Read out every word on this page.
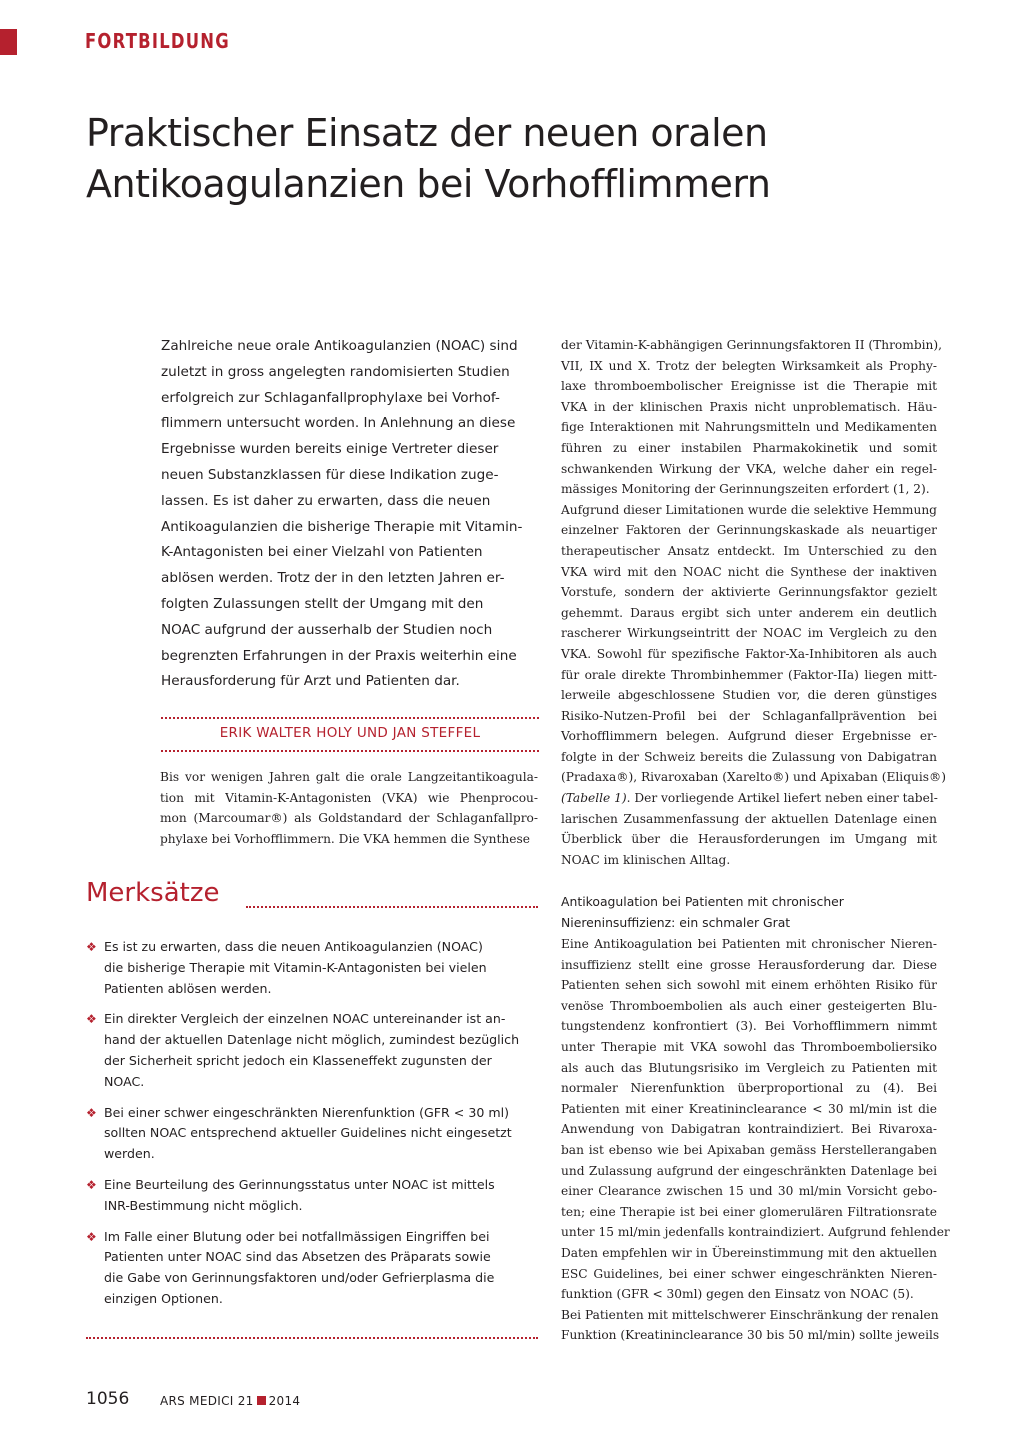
FORTBILDUNG
Praktischer Einsatz der neuen oralen
Antikoagulanzien bei Vorhofflimmern
Zahlreiche neue orale Antikoagulanzien (NOAC) sind
zuletzt in gross angelegten randomisierten Studien
erfolgreich zur Schlaganfallprophylaxe bei Vorhof-
flimmern untersucht worden. In Anlehnung an diese
Ergebnisse wurden bereits einige Vertreter dieser
neuen Substanzklassen für diese Indikation zuge-
lassen. Es ist daher zu erwarten, dass die neuen
Antikoagulanzien die bisherige Therapie mit Vitamin-
K-Antagonisten bei einer Vielzahl von Patienten
ablösen werden. Trotz der in den letzten Jahren er-
folgten Zulassungen stellt der Umgang mit den
NOAC aufgrund der ausserhalb der Studien noch
begrenzten Erfahrungen in der Praxis weiterhin eine
Herausforderung für Arzt und Patienten dar.
ERIK WALTER HOLY UND JAN STEFFEL
Bis vor wenigen Jahren galt die orale Langzeitantikoagula-
tion mit Vitamin-K-Antagonisten (VKA) wie Phenprocou-
mon (Marcoumar®) als Goldstandard der Schlaganfallpro-
phylaxe bei Vorhofflimmern. Die VKA hemmen die Synthese
Merksätze
❖ Es ist zu erwarten, dass die neuen Antikoagulanzien (NOAC)
die bisherige Therapie mit Vitamin-K-Antagonisten bei vielen
Patienten ablösen werden.
❖ Ein direkter Vergleich der einzelnen NOAC untereinander ist an-
hand der aktuellen Datenlage nicht möglich, zumindest bezüglich
der Sicherheit spricht jedoch ein Klasseneffekt zugunsten der
NOAC.
❖ Bei einer schwer eingeschränkten Nierenfunktion (GFR < 30 ml)
sollten NOAC entsprechend aktueller Guidelines nicht eingesetzt
werden.
❖ Eine Beurteilung des Gerinnungsstatus unter NOAC ist mittels
INR-Bestimmung nicht möglich.
❖ Im Falle einer Blutung oder bei notfallmässigen Eingriffen bei
Patienten unter NOAC sind das Absetzen des Präparats sowie
die Gabe von Gerinnungsfaktoren und/oder Gefrierplasma die
einzigen Optionen.
der Vitamin-K-abhängigen Gerinnungsfaktoren II (Thrombin),
VII, IX und X. Trotz der belegten Wirksamkeit als Prophy-
laxe thromboembolischer Ereignisse ist die Therapie mit
VKA in der klinischen Praxis nicht unproblematisch. Häu-
fige Interaktionen mit Nahrungsmitteln und Medikamenten
führen zu einer instabilen Pharmakokinetik und somit
schwankenden Wirkung der VKA, welche daher ein regel-
mässiges Monitoring der Gerinnungszeiten erfordert (1, 2).
Aufgrund dieser Limitationen wurde die selektive Hemmung
einzelner Faktoren der Gerinnungskaskade als neuartiger
therapeutischer Ansatz entdeckt. Im Unterschied zu den
VKA wird mit den NOAC nicht die Synthese der inaktiven
Vorstufe, sondern der aktivierte Gerinnungsfaktor gezielt
gehemmt. Daraus ergibt sich unter anderem ein deutlich
rascherer Wirkungseintritt der NOAC im Vergleich zu den
VKA. Sowohl für spezifische Faktor-Xa-Inhibitoren als auch
für orale direkte Thrombinhemmer (Faktor-IIa) liegen mitt-
lerweile abgeschlossene Studien vor, die deren günstiges
Risiko-Nutzen-Profil bei der Schlaganfallprävention bei
Vorhofflimmern belegen. Aufgrund dieser Ergebnisse er-
folgte in der Schweiz bereits die Zulassung von Dabigatran
(Pradaxa®), Rivaroxaban (Xarelto®) und Apixaban (Eliquis®)
(Tabelle 1). Der vorliegende Artikel liefert neben einer tabel-
larischen Zusammenfassung der aktuellen Datenlage einen
Überblick über die Herausforderungen im Umgang mit
NOAC im klinischen Alltag.
Antikoagulation bei Patienten mit chronischer
Niereninsuffizienz: ein schmaler Grat
Eine Antikoagulation bei Patienten mit chronischer Nieren-
insuffizienz stellt eine grosse Herausforderung dar. Diese
Patienten sehen sich sowohl mit einem erhöhten Risiko für
venöse Thromboembolien als auch einer gesteigerten Blu-
tungstendenz konfrontiert (3). Bei Vorhofflimmern nimmt
unter Therapie mit VKA sowohl das Thromboemboliersiko
als auch das Blutungsrisiko im Vergleich zu Patienten mit
normaler Nierenfunktion überproportional zu (4). Bei
Patienten mit einer Kreatininclearance < 30 ml/min ist die
Anwendung von Dabigatran kontraindiziert. Bei Rivaroxa-
ban ist ebenso wie bei Apixaban gemäss Herstellerangaben
und Zulassung aufgrund der eingeschränkten Datenlage bei
einer Clearance zwischen 15 und 30 ml/min Vorsicht gebo-
ten; eine Therapie ist bei einer glomerulären Filtrationsrate
unter 15 ml/min jedenfalls kontraindiziert. Aufgrund fehlender
Daten empfehlen wir in Übereinstimmung mit den aktuellen
ESC Guidelines, bei einer schwer eingeschränkten Nieren-
funktion (GFR < 30ml) gegen den Einsatz von NOAC (5).
Bei Patienten mit mittelschwerer Einschränkung der renalen
Funktion (Kreatininclearance 30 bis 50 ml/min) sollte jeweils
1056	ARS MEDICI 21 2014
